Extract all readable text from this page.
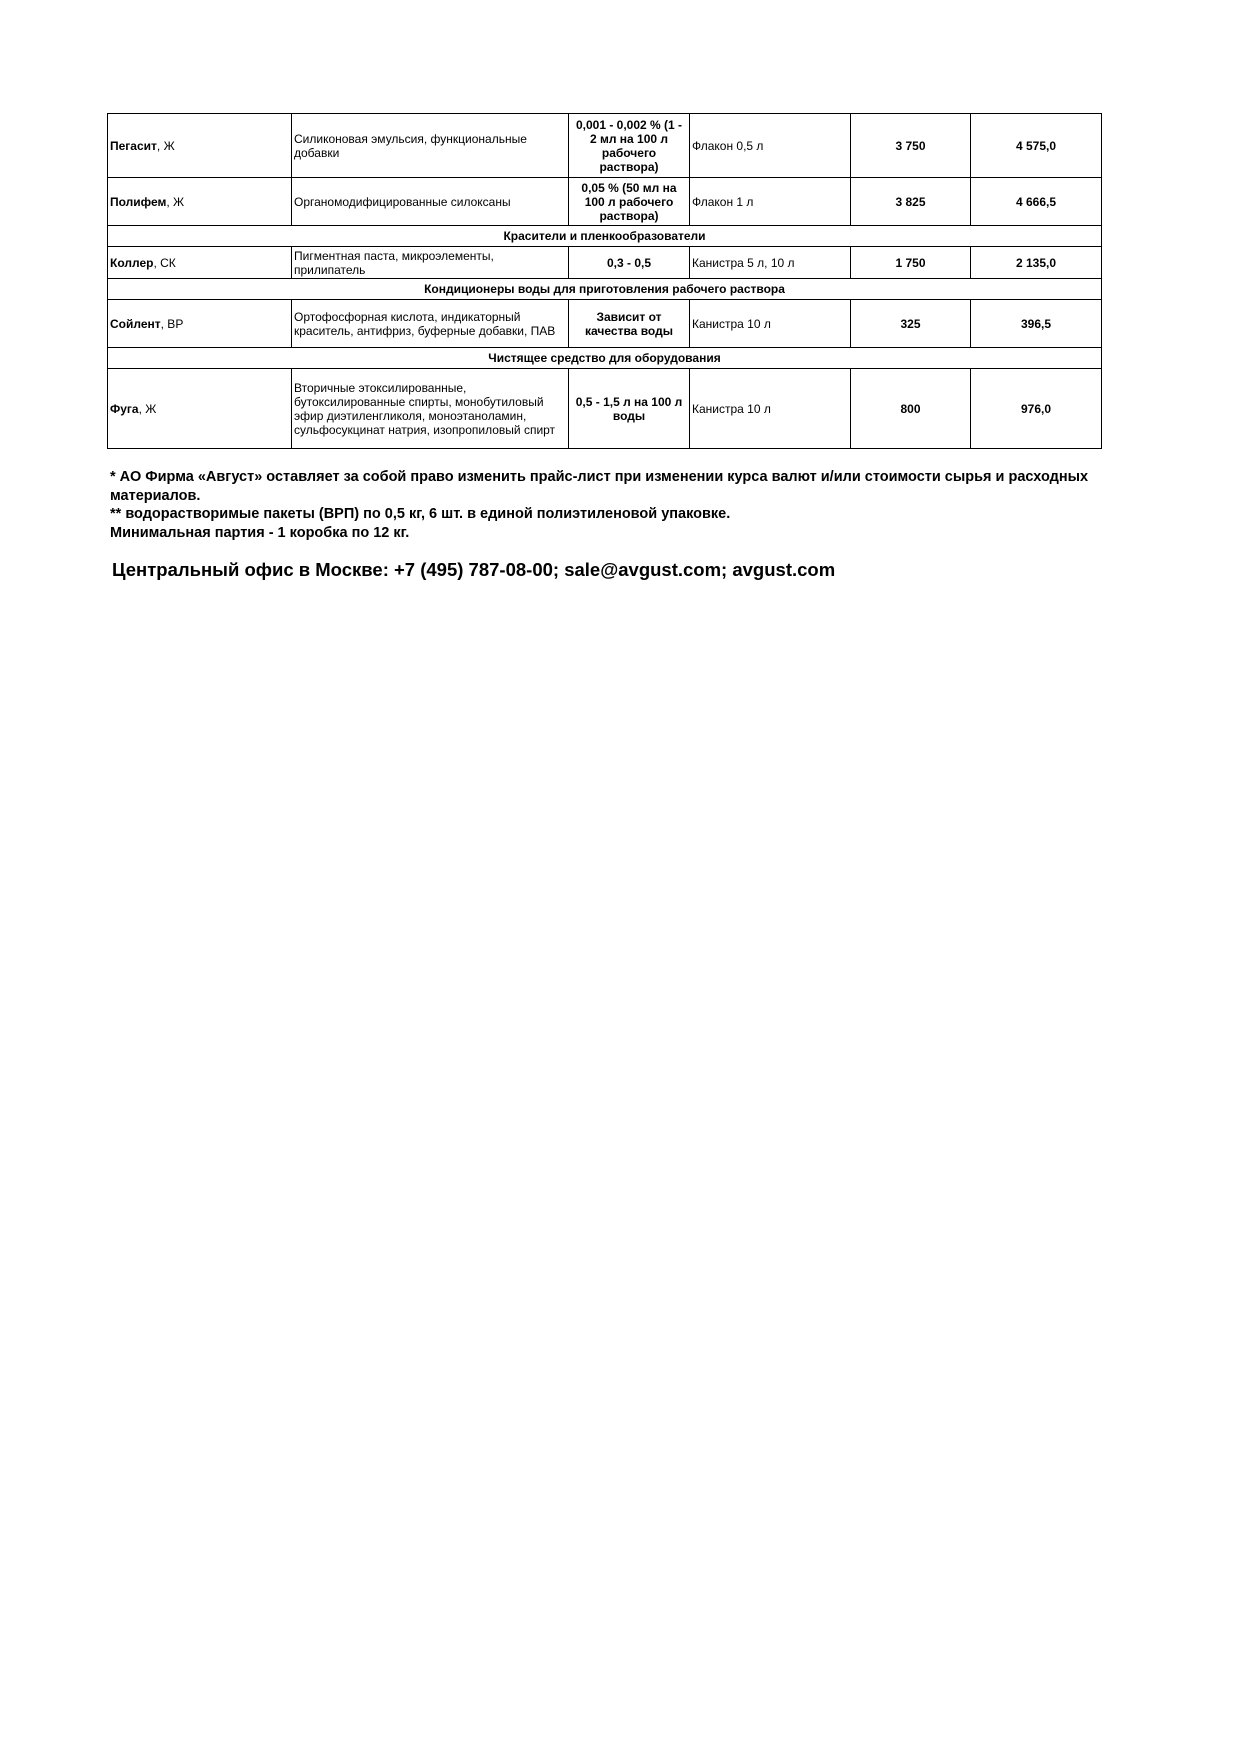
Пегасит, Ж	Силиконовая эмульсия, функциональные добавки	0,001 - 0,002 % (1 - 2 мл на 100 л рабочего раствора)	Флакон 0,5 л	3 750	4 575,0
Полифем, Ж	Органомодифицированные силоксаны	0,05 % (50 мл на 100 л рабочего раствора)	Флакон 1 л	3 825	4 666,5
Красители и пленкообразователи					
Коллер, СК	Пигментная паста, микроэлементы, прилипатель	0,3 - 0,5	Канистра 5 л, 10 л	1 750	2 135,0
Кондиционеры воды для приготовления рабочего раствора					
Сойлент, ВР	Ортофосфорная кислота, индикаторный краситель, антифриз, буферные добавки, ПАВ	Зависит от качества воды	Канистра 10 л	325	396,5
Чистящее средство для оборудования					
Фуга, Ж	Вторичные этоксилированные, бутоксилированные спирты, монобутиловый эфир диэтиленгликоля, моноэтаноламин, сульфосукцинат натрия, изопропиловый спирт	0,5 - 1,5 л на 100 л воды	Канистра 10 л	800	976,0

* АО Фирма «Август» оставляет за собой право изменить прайс-лист при изменении курса валют и/или стоимости сырья и расходных материалов.

** водорастворимые пакеты (ВРП) по 0,5 кг, 6 шт. в единой полиэтиленовой упаковке.

Минимальная партия - 1 коробка по 12 кг.

Центральный офис в Москве: +7 (495) 787-08-00; sale@avgust.com; avgust.com
